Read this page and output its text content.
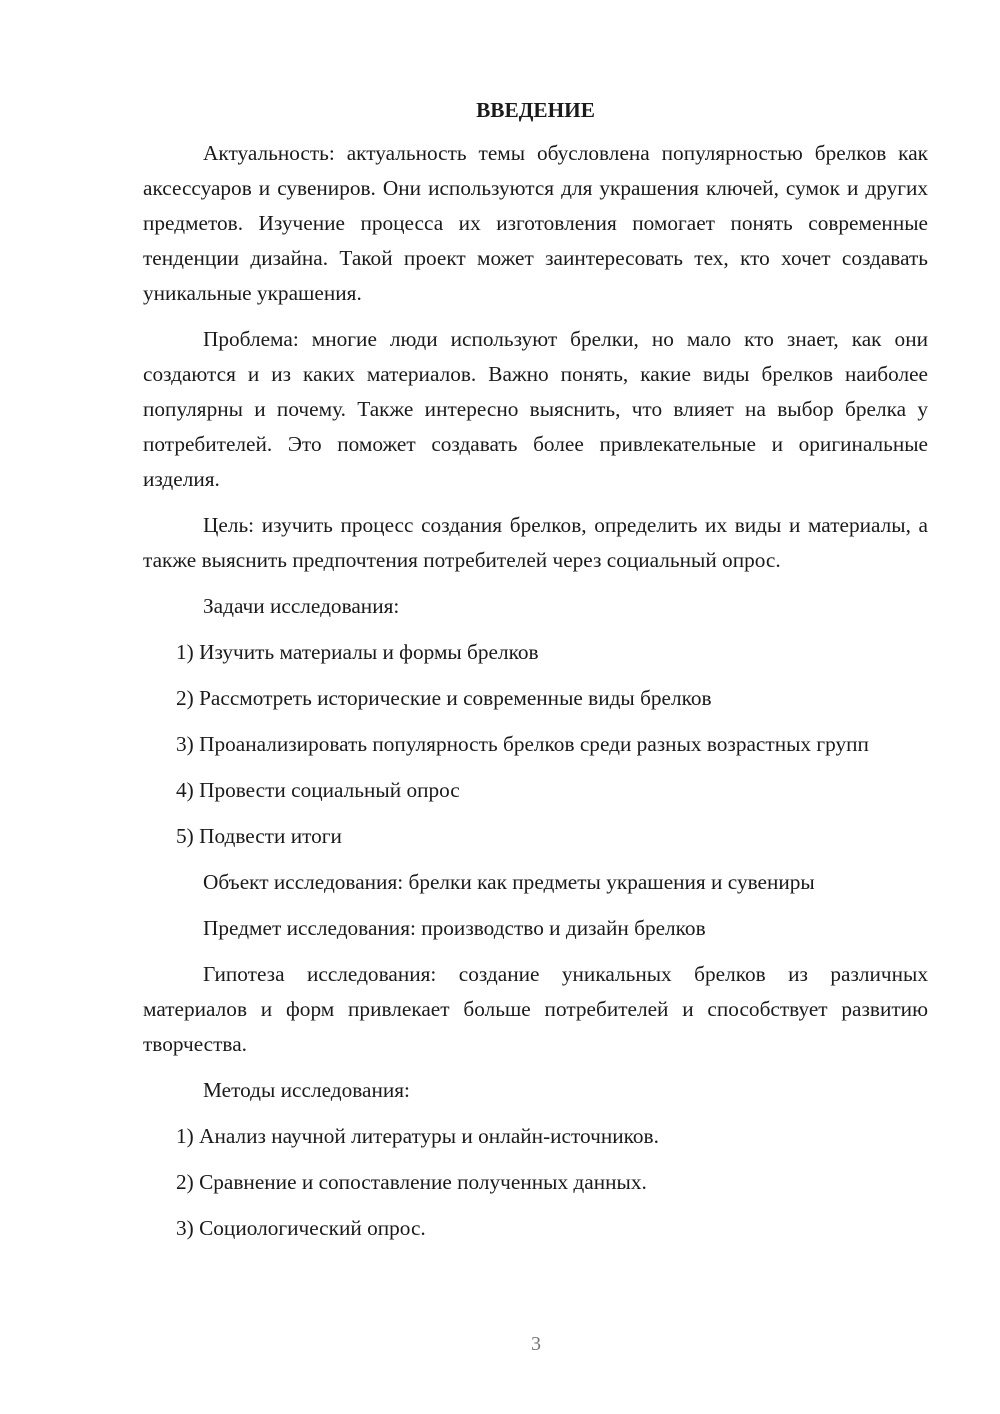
ВВЕДЕНИЕ

Актуальность: актуальность темы обусловлена популярностью брелков как аксессуаров и сувениров. Они используются для украшения ключей, сумок и других предметов. Изучение процесса их изготовления помогает понять современные тенденции дизайна. Такой проект может заинтересовать тех, кто хочет создавать уникальные украшения.

Проблема: многие люди используют брелки, но мало кто знает, как они создаются и из каких материалов. Важно понять, какие виды брелков наиболее популярны и почему. Также интересно выяснить, что влияет на выбор брелка у потребителей. Это поможет создавать более привлекательные и оригинальные изделия.

Цель: изучить процесс создания брелков, определить их виды и материалы, а также выяснить предпочтения потребителей через социальный опрос.

Задачи исследования:

1) Изучить материалы и формы брелков

2) Рассмотреть исторические и современные виды брелков

3) Проанализировать популярность брелков среди разных возрастных групп

4) Провести социальный опрос

5) Подвести итоги

Объект исследования: брелки как предметы украшения и сувениры

Предмет исследования: производство и дизайн брелков

Гипотеза исследования: создание уникальных брелков из различных материалов и форм привлекает больше потребителей и способствует развитию творчества.

Методы исследования:

1) Анализ научной литературы и онлайн-источников.

2) Сравнение и сопоставление полученных данных.

3) Социологический опрос.

3
